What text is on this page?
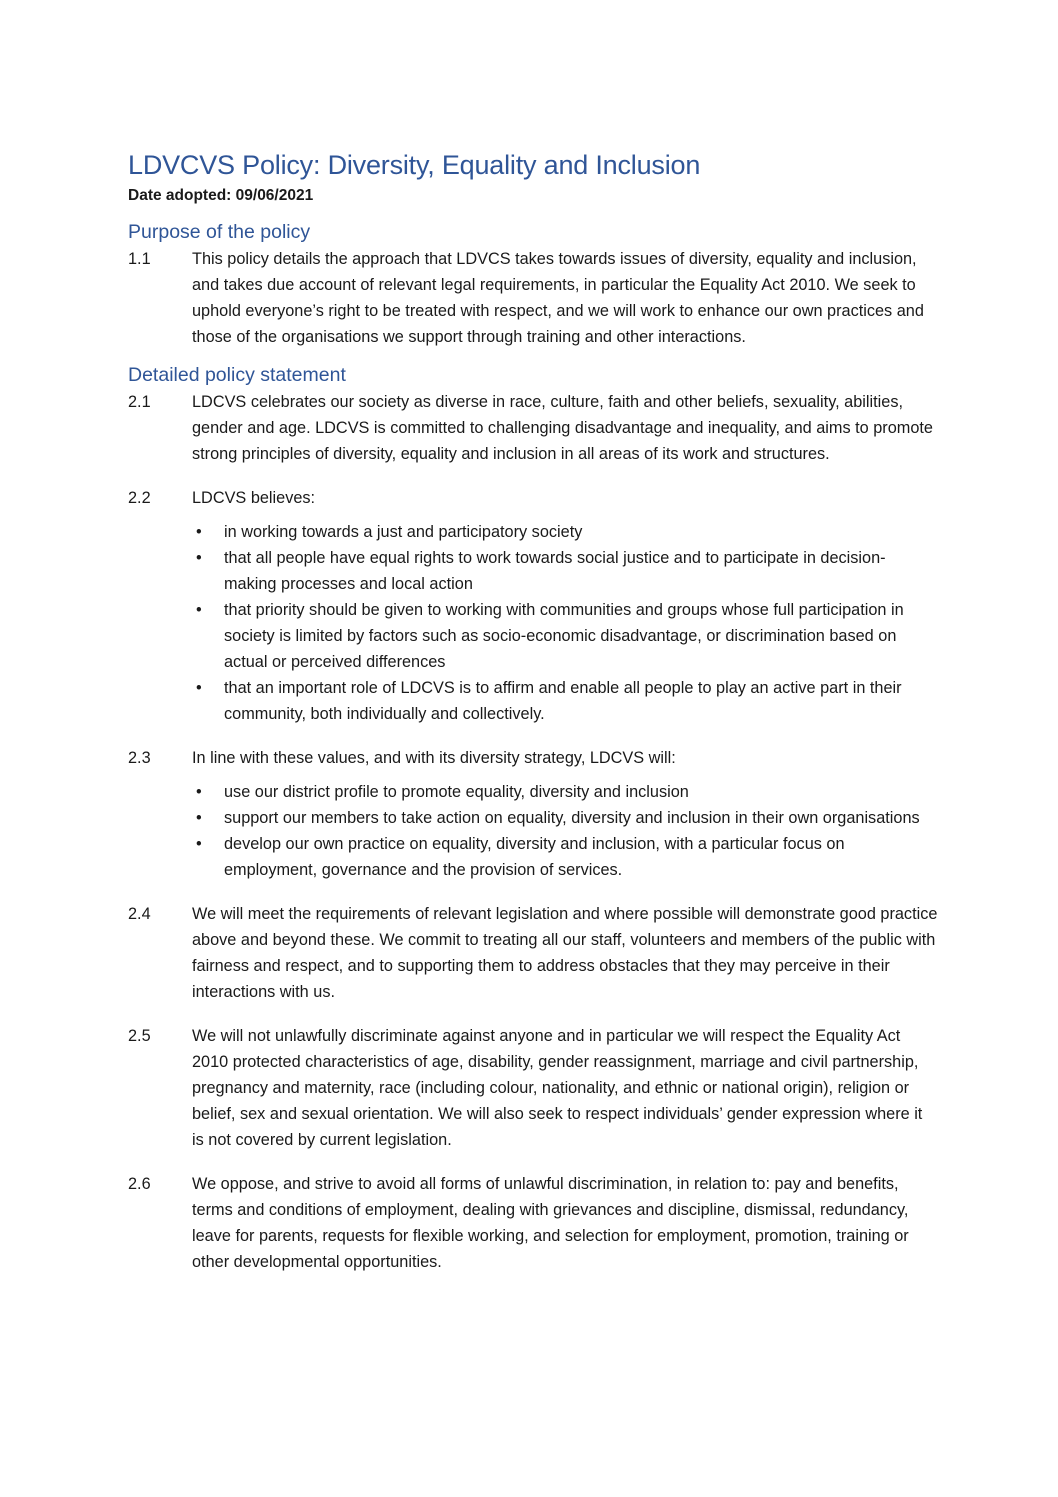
LDVCVS Policy: Diversity, Equality and Inclusion
Date adopted: 09/06/2021
Purpose of the policy
1.1	This policy details the approach that LDVCS takes towards issues of diversity, equality and inclusion, and takes due account of relevant legal requirements, in particular the Equality Act 2010. We seek to uphold everyone’s right to be treated with respect, and we will work to enhance our own practices and those of the organisations we support through training and other interactions.
Detailed policy statement
2.1	LDCVS celebrates our society as diverse in race, culture, faith and other beliefs, sexuality, abilities, gender and age. LDCVS is committed to challenging disadvantage and inequality, and aims to promote strong principles of diversity, equality and inclusion in all areas of its work and structures.
2.2	LDCVS believes:
•	in working towards a just and participatory society
•	that all people have equal rights to work towards social justice and to participate in decision- making processes and local action
•	that priority should be given to working with communities and groups whose full participation in society is limited by factors such as socio-economic disadvantage, or discrimination based on actual or perceived differences
•	that an important role of LDCVS is to affirm and enable all people to play an active part in their community, both individually and collectively.
2.3	In line with these values, and with its diversity strategy, LDCVS will:
•	use our district profile to promote equality, diversity and inclusion
•	support our members to take action on equality, diversity and inclusion in their own organisations
•	develop our own practice on equality, diversity and inclusion, with a particular focus on employment, governance and the provision of services.
2.4	We will meet the requirements of relevant legislation and where possible will demonstrate good practice above and beyond these. We commit to treating all our staff, volunteers and members of the public with fairness and respect, and to supporting them to address obstacles that they may perceive in their interactions with us.
2.5	We will not unlawfully discriminate against anyone and in particular we will respect the Equality Act 2010 protected characteristics of age, disability, gender reassignment, marriage and civil partnership, pregnancy and maternity, race (including colour, nationality, and ethnic or national origin), religion or belief, sex and sexual orientation. We will also seek to respect individuals’ gender expression where it is not covered by current legislation.
2.6	We oppose, and strive to avoid all forms of unlawful discrimination, in relation to: pay and benefits, terms and conditions of employment, dealing with grievances and discipline, dismissal, redundancy, leave for parents, requests for flexible working, and selection for employment, promotion, training or other developmental opportunities.
